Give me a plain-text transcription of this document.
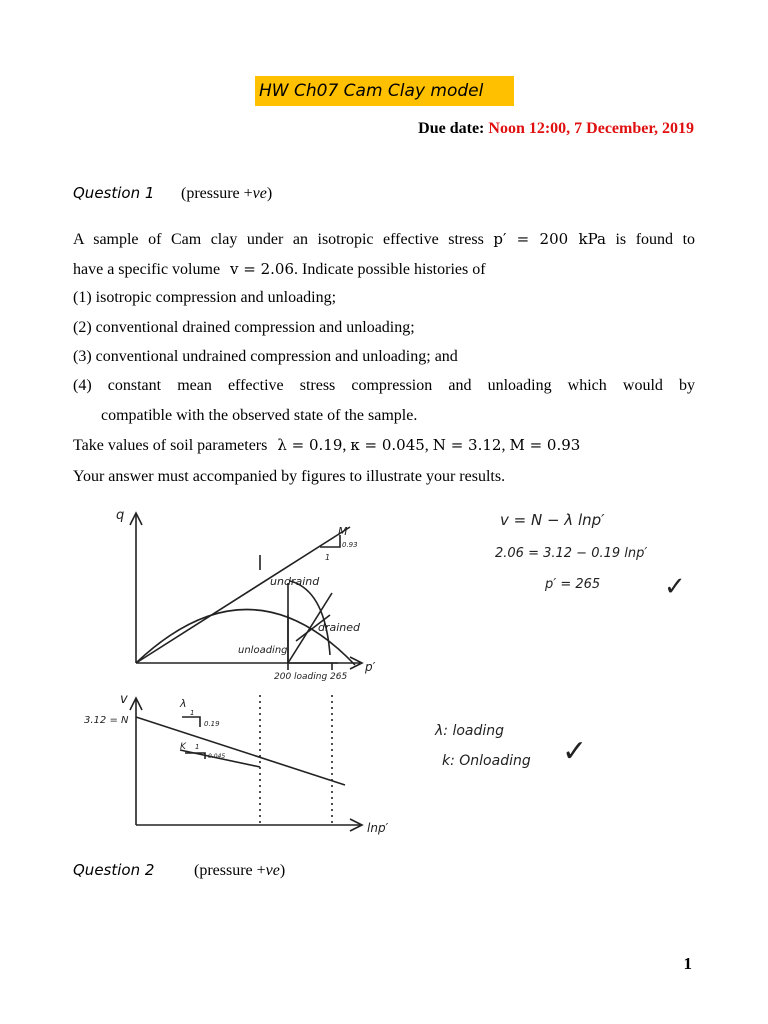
HW Ch07 Cam Clay model
Due date: Noon 12:00, 7 December, 2019
Question 1 (pressure +ve)
A sample of Cam clay under an isotropic effective stress p′ = 200 kPa is found to
have a specific volume v = 2.06. Indicate possible histories of
(1) isotropic compression and unloading;
(2) conventional drained compression and unloading;
(3) conventional undrained compression and unloading; and
(4)  constant  mean  effective  stress  compression  and  unloading  which  would  by
compatible with the observed state of the sample.
Take values of soil parameters λ = 0.19, κ = 0.045, N = 3.12, M = 0.93
Your answer must accompanied by figures to illustrate your results.
q
p′
M
0.93
1
undraind
drained
unloading
200 loading 265
v
3.12 = N
lnp′
λ
1
0.19
K 1
0.045
v = N − λ lnp′
2.06 = 3.12 − 0.19 lnp′
p′ = 265 ✓
λ: loading
k: Onloading ✓
Question 2 (pressure +ve)
1
